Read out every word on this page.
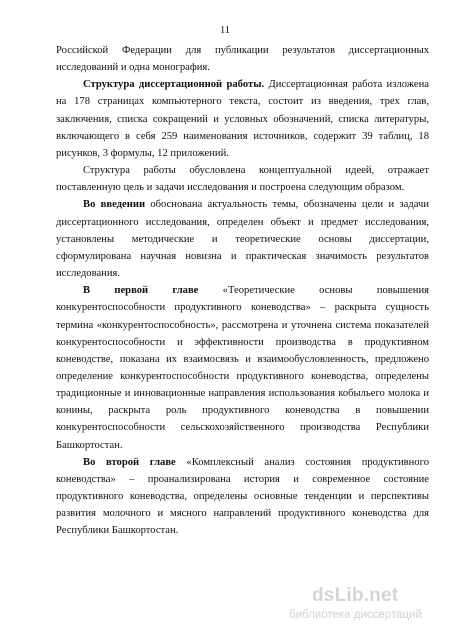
11

Российской Федерации для публикации результатов диссертационных исследований и одна монография.

Структура диссертационной работы. Диссертационная работа изложена на 178 страницах компьютерного текста, состоит из введения, трех глав, заключения, списка сокращений и условных обозначений, списка литературы, включающего в себя 259 наименования источников, содержит 39 таблиц, 18 рисунков, 3 формулы, 12 приложений.

Структура работы обусловлена концептуальной идеей, отражает поставленную цель и задачи исследования и построена следующим образом.

Во введении обоснована актуальность темы, обозначены цели и задачи диссертационного исследования, определен объект и предмет исследования, установлены методические и теоретические основы диссертации, сформулирована научная новизна и практическая значимость результатов исследования.

В первой главе «Теоретические основы повышения конкурентоспособности продуктивного коневодства» – раскрыта сущность термина «конкурентоспособность», рассмотрена и уточнена система показателей конкурентоспособности и эффективности производства в продуктивном коневодстве, показана их взаимосвязь и взаимообусловленность, предложено определение конкурентоспособности продуктивного коневодства, определены традиционные и инновационные направления использования кобыльего молока и конины, раскрыта роль продуктивного коневодства в повышении конкурентоспособности сельскохозяйственного производства Республики Башкортостан.

Во второй главе «Комплексный анализ состояния продуктивного коневодства» – проанализирована история и современное состояние продуктивного коневодства, определены основные тенденции и перспективы развития молочного и мясного направлений продуктивного коневодства для Республики Башкортостан.

dsLib.net
библиотека диссертаций
